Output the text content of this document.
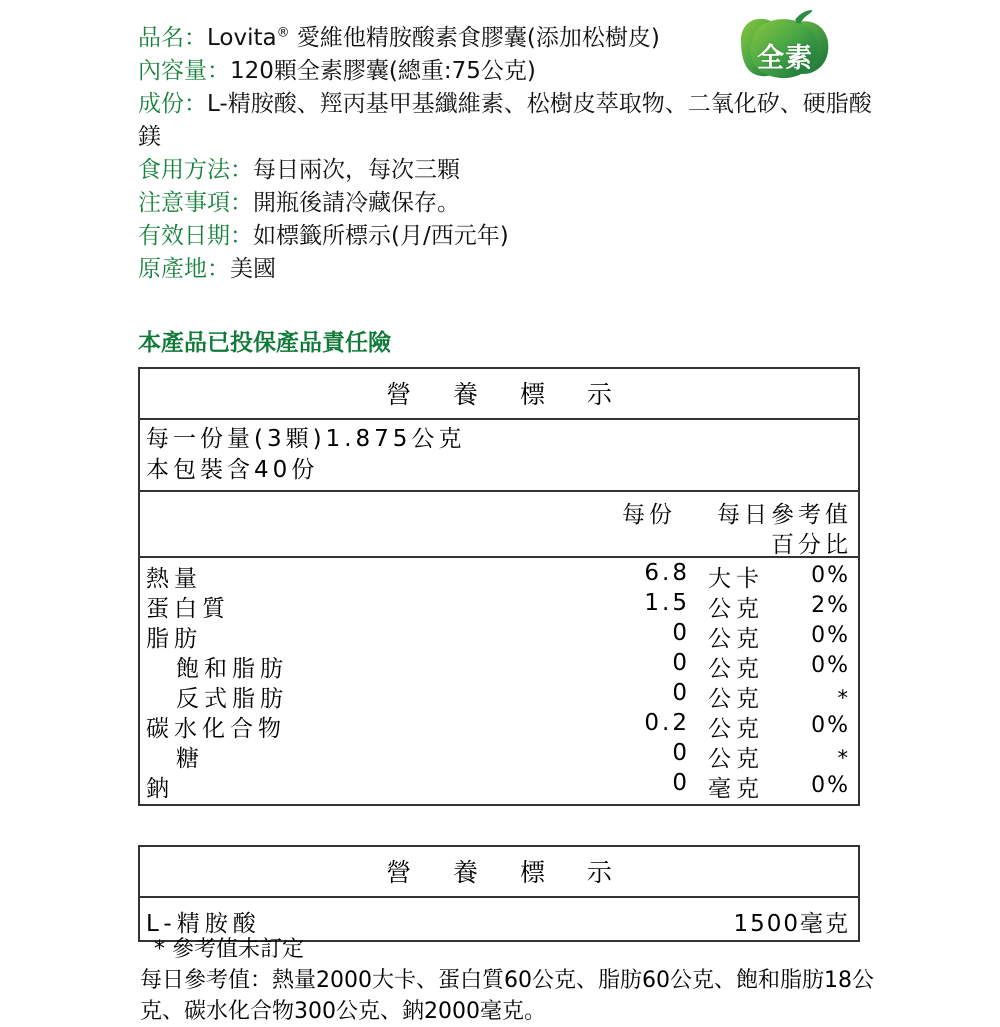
品名：Lovita® 愛維他精胺酸素食膠囊(添加松樹皮)
內容量：120顆全素膠囊(總重:75公克)
成份：L-精胺酸、羥丙基甲基纖維素、松樹皮萃取物、二氧化矽、硬脂酸鎂
食用方法：每日兩次，每次三顆
注意事項：開瓶後請冷藏保存。
有效日期：如標籤所標示(月/西元年)
原產地：美國
本產品已投保產品責任險
全素
營 養 標 示
每一份量(3顆)1.875公克
本包裝含40份
每份 每日參考值
百分比
熱量	6.8 大卡 0%
蛋白質	1.5 公克 2%
脂肪	0 公克 0%
飽和脂肪	0 公克 0%
反式脂肪	0 公克	*
碳水化合物	0.2 公克 0%
糖	0 公克	*
鈉	0 毫克 0%
營 養 標 示
L-精胺酸	1500毫克
* 參考值未訂定
每日參考值：熱量2000大卡、蛋白質60公克、脂肪60公克、飽和脂肪18公克、碳水化合物300公克、鈉2000毫克。
